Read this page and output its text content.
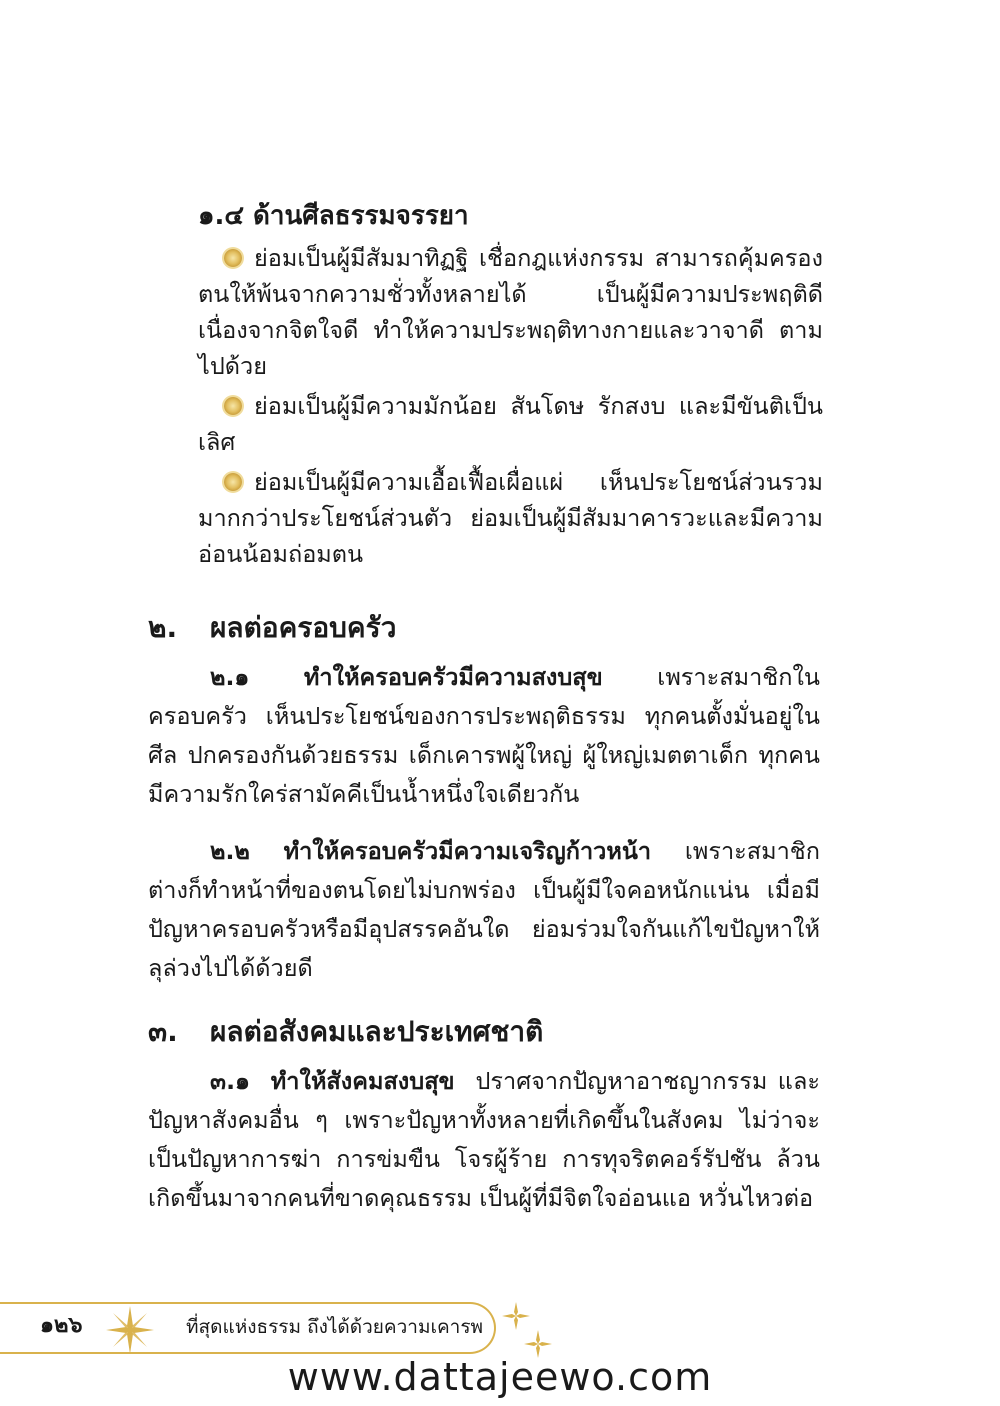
๑.๔ ด้านศีลธรรมจรรยา

ย่อมเป็นผู้มีสัมมาทิฏฐิ เชื่อกฎแห่งกรรม สามารถคุ้มครองตนให้พ้นจากความชั่วทั้งหลายได้ เป็นผู้มีความประพฤติดี เนื่องจากจิตใจดี ทำให้ความประพฤติทางกายและวาจาดี ตามไปด้วย

ย่อมเป็นผู้มีความมักน้อย สันโดษ รักสงบ และมีขันติเป็นเลิศ

ย่อมเป็นผู้มีความเอื้อเฟื้อเผื่อแผ่ เห็นประโยชน์ส่วนรวมมากกว่าประโยชน์ส่วนตัว ย่อมเป็นผู้มีสัมมาคารวะและมีความอ่อนน้อมถ่อมตน

๒. ผลต่อครอบครัว

๒.๑ ทำให้ครอบครัวมีความสงบสุข เพราะสมาชิกในครอบครัว เห็นประโยชน์ของการประพฤติธรรม ทุกคนตั้งมั่นอยู่ในศีล ปกครองกันด้วยธรรม เด็กเคารพผู้ใหญ่ ผู้ใหญ่เมตตาเด็ก ทุกคนมีความรักใคร่สามัคคีเป็นน้ำหนึ่งใจเดียวกัน

๒.๒ ทำให้ครอบครัวมีความเจริญก้าวหน้า เพราะสมาชิกต่างก็ทำหน้าที่ของตนโดยไม่บกพร่อง เป็นผู้มีใจคอหนักแน่น เมื่อมีปัญหาครอบครัวหรือมีอุปสรรคอันใด ย่อมร่วมใจกันแก้ไขปัญหาให้ลุล่วงไปได้ด้วยดี

๓. ผลต่อสังคมและประเทศชาติ

๓.๑ ทำให้สังคมสงบสุข ปราศจากปัญหาอาชญากรรม และปัญหาสังคมอื่น ๆ เพราะปัญหาทั้งหลายที่เกิดขึ้นในสังคม ไม่ว่าจะเป็นปัญหาการฆ่า การข่มขืน โจรผู้ร้าย การทุจริตคอร์รัปชัน ล้วนเกิดขึ้นมาจากคนที่ขาดคุณธรรม เป็นผู้ที่มีจิตใจอ่อนแอ หวั่นไหวต่อ

๑๒๖	ที่สุดแห่งธรรม ถึงได้ด้วยความเคารพ
www.dattajeewo.com
